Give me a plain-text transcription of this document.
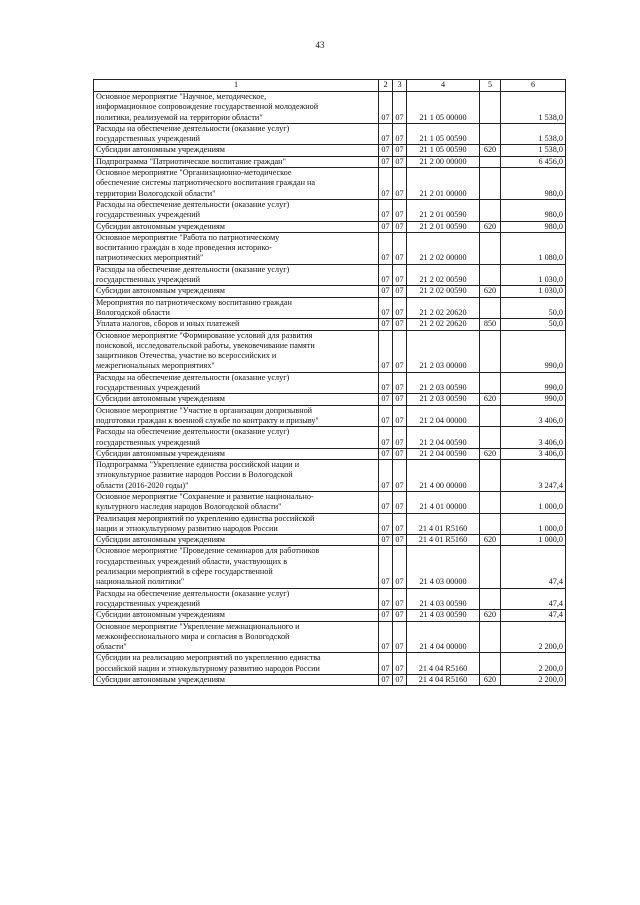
43
1	2	3	4	5	6

Основное мероприятие "Научное, методическое,
информационное сопровождение государственной молодежной
политики, реализуемой на территории области"	07	07	21 1 05 00000		1 538,0

Расходы на обеспечение деятельности (оказание услуг)
государственных учреждений	07	07	21 1 05 00590		1 538,0

Субсидии автономным учреждениям	07	07	21 1 05 00590	620	1 538,0

Подпрограмма "Патриотическое воспитание граждан"	07	07	21 2 00 00000		6 456,0

Основное мероприятие "Организационно-методическое
обеспечение системы патриотического воспитания граждан на
территории Вологодской области"	07	07	21 2 01 00000		980,0

Расходы на обеспечение деятельности (оказание услуг)
государственных учреждений	07	07	21 2 01 00590		980,0

Субсидии автономным учреждениям	07	07	21 2 01 00590	620	980,0

Основное мероприятие "Работа по патриотическому
воспитанию граждан в ходе проведения историко-
патриотических мероприятий"	07	07	21 2 02 00000		1 080,0

Расходы на обеспечение деятельности (оказание услуг)
государственных учреждений	07	07	21 2 02 00590		1 030,0

Субсидии автономным учреждениям	07	07	21 2 02 00590	620	1 030,0

Мероприятия по патриотическому воспитанию граждан
Вологодской области	07	07	21 2 02 20620		50,0

Уплата налогов, сборов и иных платежей	07	07	21 2 02 20620	850	50,0

Основное мероприятие "Формирование условий для развития
поисковой, исследовательской работы, увековечивание памяти
защитников Отечества, участие во всероссийских и
межрегиональных мероприятиях"	07	07	21 2 03 00000		990,0

Расходы на обеспечение деятельности (оказание услуг)
государственных учреждений	07	07	21 2 03 00590		990,0

Субсидии автономным учреждениям	07	07	21 2 03 00590	620	990,0

Основное мероприятие "Участие в организации допризывной
подготовки граждан к военной службе по контракту и призыву"	07	07	21 2 04 00000		3 406,0

Расходы на обеспечение деятельности (оказание услуг)
государственных учреждений	07	07	21 2 04 00590		3 406,0

Субсидии автономным учреждениям	07	07	21 2 04 00590	620	3 406,0

Подпрограмма "Укрепление единства российской нации и
этнокультурное развитие народов России в Вологодской
области (2016-2020 годы)"	07	07	21 4 00 00000		3 247,4

Основное мероприятие "Сохранение и развитие национально-
культурного наследия народов Вологодской области"	07	07	21 4 01 00000		1 000,0

Реализация мероприятий по укреплению единства российской
нации и этнокультурному развитию народов России	07	07	21 4 01 R5160		1 000,0

Субсидии автономным учреждениям	07	07	21 4 01 R5160	620	1 000,0

Основное мероприятие "Проведение семинаров для работников
государственных учреждений области, участвующих в
реализации мероприятий в сфере государственной
национальной политики"	07	07	21 4 03 00000		47,4

Расходы на обеспечение деятельности (оказание услуг)
государственных учреждений	07	07	21 4 03 00590		47,4

Субсидии автономным учреждениям	07	07	21 4 03 00590	620	47,4

Основное мероприятие "Укрепление межнационального и
межконфессионального мира и согласия в Вологодской
области"	07	07	21 4 04 00000		2 200,0

Субсидии на реализацию мероприятий по укреплению единства
российской нации и этнокультурному развитию народов России	07	07	21 4 04 R5160		2 200,0

Субсидии автономным учреждениям	07	07	21 4 04 R5160	620	2 200,0
